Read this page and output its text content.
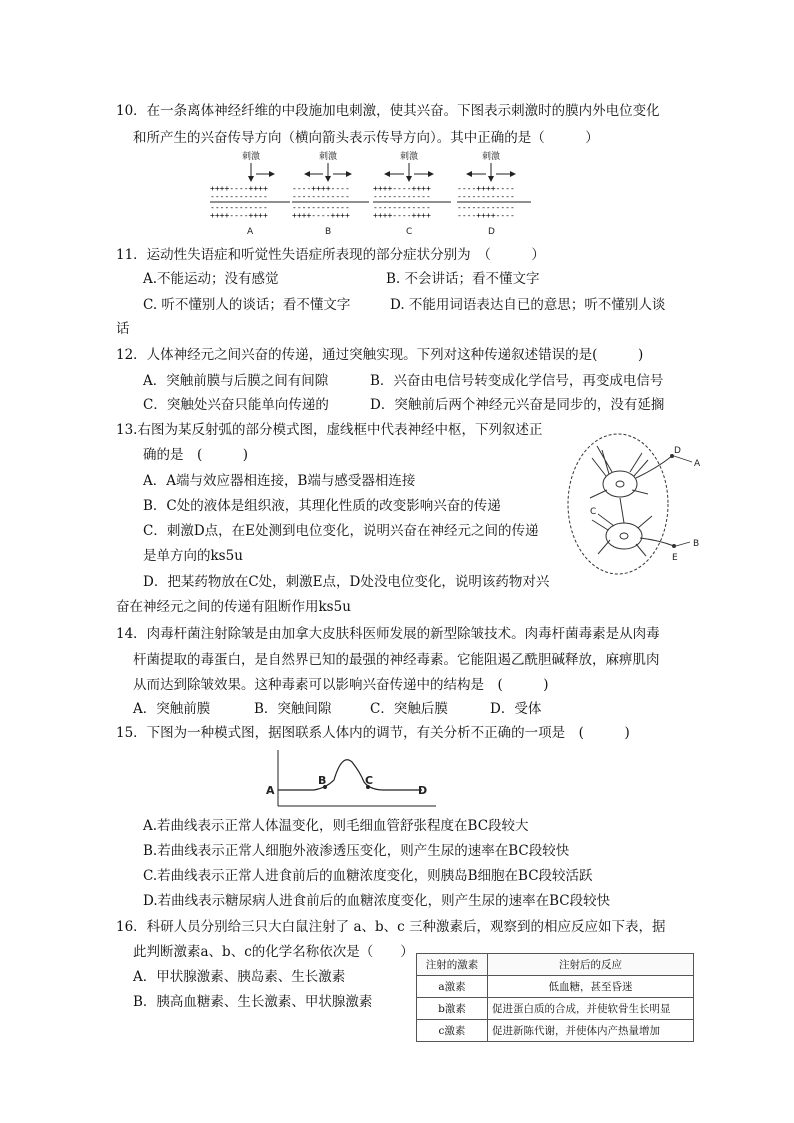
10．在一条离体神经纤维的中段施加电刺激，使其兴奋。下图表示刺激时的膜内外电位变化
和所产生的兴奋传导方向（横向箭头表示传导方向）。其中正确的是（　　　）
刺激
++++----++++
------------
------------
++++----++++
A
刺激
----++++----
------------
------------
++++----++++
B
刺激
++++----++++
------------
------------
++++----++++
C
刺激
----++++----
------------
------------
----++++----
D
11．运动性失语症和听觉性失语症所表现的部分症状分别为　（　　　）
A.不能运动；没有感觉	B. 不会讲话；看不懂文字
C. 听不懂别人的谈话；看不懂文字	D. 不能用词语表达自已的意思；听不懂别人谈
话
12．人体神经元之间兴奋的传递，通过突触实现。下列对这种传递叙述错误的是(　　　)
A．突触前膜与后膜之间有间隙	B．兴奋由电信号转变成化学信号，再变成电信号
C．突触处兴奋只能单向传递的	D．突触前后两个神经元兴奋是同步的，没有延搁
13.右图为某反射弧的部分模式图，虚线框中代表神经中枢，下列叙述正
确的是　(　　　)
A．A端与效应器相连接，B端与感受器相连接
B．C处的液体是组织液，其理化性质的改变影响兴奋的传递
C．刺激D点，在E处测到电位变化，说明兴奋在神经元之间的传递
是单方向的ks5u
D．把某药物放在C处，刺激E点，D处没电位变化，说明该药物对兴
奋在神经元之间的传递有阻断作用ks5u
D
A
C
E
B
14．肉毒杆菌注射除皱是由加拿大皮肤科医师发展的新型除皱技术。肉毒杆菌毒素是从肉毒
杆菌提取的毒蛋白，是自然界已知的最强的神经毒素。它能阻遏乙酰胆碱释放，麻痹肌肉
从而达到除皱效果。这种毒素可以影响兴奋传递中的结构是　(　　　)
A．突触前膜	B．突触间隙	C．突触后膜	D．受体
15．下图为一种模式图，据图联系人体内的调节，有关分析不正确的一项是　(　　　)
A
B	C
D
A.若曲线表示正常人体温变化，则毛细血管舒张程度在BC段较大
B.若曲线表示正常人细胞外液渗透压变化，则产生尿的速率在BC段较快
C.若曲线表示正常人进食前后的血糖浓度变化，则胰岛B细胞在BC段较活跃
D.若曲线表示糖尿病人进食前后的血糖浓度变化，则产生尿的速率在BC段较快
16．科研人员分别给三只大白鼠注射了 a、b、c 三种激素后，观察到的相应反应如下表，据
此判断激素a、b、c的化学名称依次是（　　）
A．甲状腺激素、胰岛素、生长激素
B．胰高血糖素、生长激素、甲状腺激素
注射的激素	注射后的反应
a激素	低血糖，甚至昏迷
b激素	促进蛋白质的合成，并使软骨生长明显
c激素	促进新陈代谢，并使体内产热量增加
